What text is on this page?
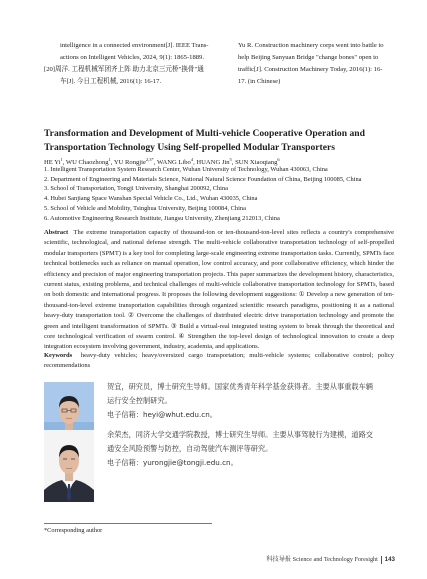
intelligence in a connected environment[J]. IEEE Trans-
actions on Intelligent Vehicles, 2024, 9(1): 1865-1889.
[20]周洋. 工程机械军团齐上阵 助力北京三元桥"换骨"通
车[J]. 今日工程机械, 2016(1): 16-17.
Yu R. Construction machinery corps went into battle to
help Beijing Sanyuan Bridge "change bones" open to
traffic[J]. Construction Machinery Today, 2016(1): 16-
17. (in Chinese)
Transformation and Development of Multi-vehicle Cooperative Operation and Transportation Technology Using Self-propelled Modular Transporters
HE Yi$^1$, WU Chaozhong$^1$, YU Rongjie$^{2,3*}$, WANG Libo$^4$, HUANG Jin$^5$, SUN Xiaoqiang$^6$
1. Intelligent Transportation System Research Center, Wuhan University of Technology, Wuhan 430063, China
2. Department of Engineering and Materials Science, National Natural Science Foundation of China, Beijing 100085, China
3. School of Transportation, Tongji University, Shanghai 200092, China
4. Hubei Sanjiang Space Wanshan Special Vehicle Co., Ltd., Wuhan 430035, China
5. School of Vehicle and Mobility, Tsinghua University, Beijing 100084, China
6. Automotive Engineering Research Institute, Jiangsu University, Zhenjiang 212013, China
Abstract The extreme transportation capacity of thousand-ton or ten-thousand-ton-level sites reflects a country's comprehensive scientific, technological, and national defense strength. The multi-vehicle collaborative transportation technology of self-propelled modular transporters (SPMT) is a key tool for completing large-scale engineering extreme transportation tasks. Currently, SPMTs face technical bottlenecks such as reliance on manual operation, low control accuracy, and poor collaborative efficiency, which hinder the efficiency and precision of major engineering transportation projects. This paper summarizes the development history, characteristics, current status, existing problems, and technical challenges of multi-vehicle collaborative transportation technology for SPMTs, based on both domestic and international progress. It proposes the following development suggestions: ① Develop a new generation of ten-thousand-ton-level extreme transportation capabilities through organized scientific research paradigms, positioning it as a national heavy-duty transportation tool. ② Overcome the challenges of distributed electric drive transportation technology and promote the green and intelligent transformation of SPMTs. ③ Build a virtual-real integrated testing system to break through the theoretical and core technological verification of swarm control. ④ Strengthen the top-level design of technological innovation to create a deep integration ecosystem involving government, industry, academia, and applications.
Keywords heavy-duty vehicles; heavy/oversized cargo transportation; multi-vehicle systems; collaborative control; policy recommendations
贺宜，研究员，博士研究生导师。国家优秀青年科学基金获得者。主要从事重载车辆
运行安全控制研究。
电子信箱：heyi@whut.edu.cn。
余荣杰，同济大学交通学院教授，博士研究生导师。主要从事驾驶行为建模，道路交
通安全风险预警与防控，自动驾驶汽车测评等研究。
电子信箱：yurongjie@tongji.edu.cn。
*Corresponding author
科技导报 Science and Technology Foresight 143
